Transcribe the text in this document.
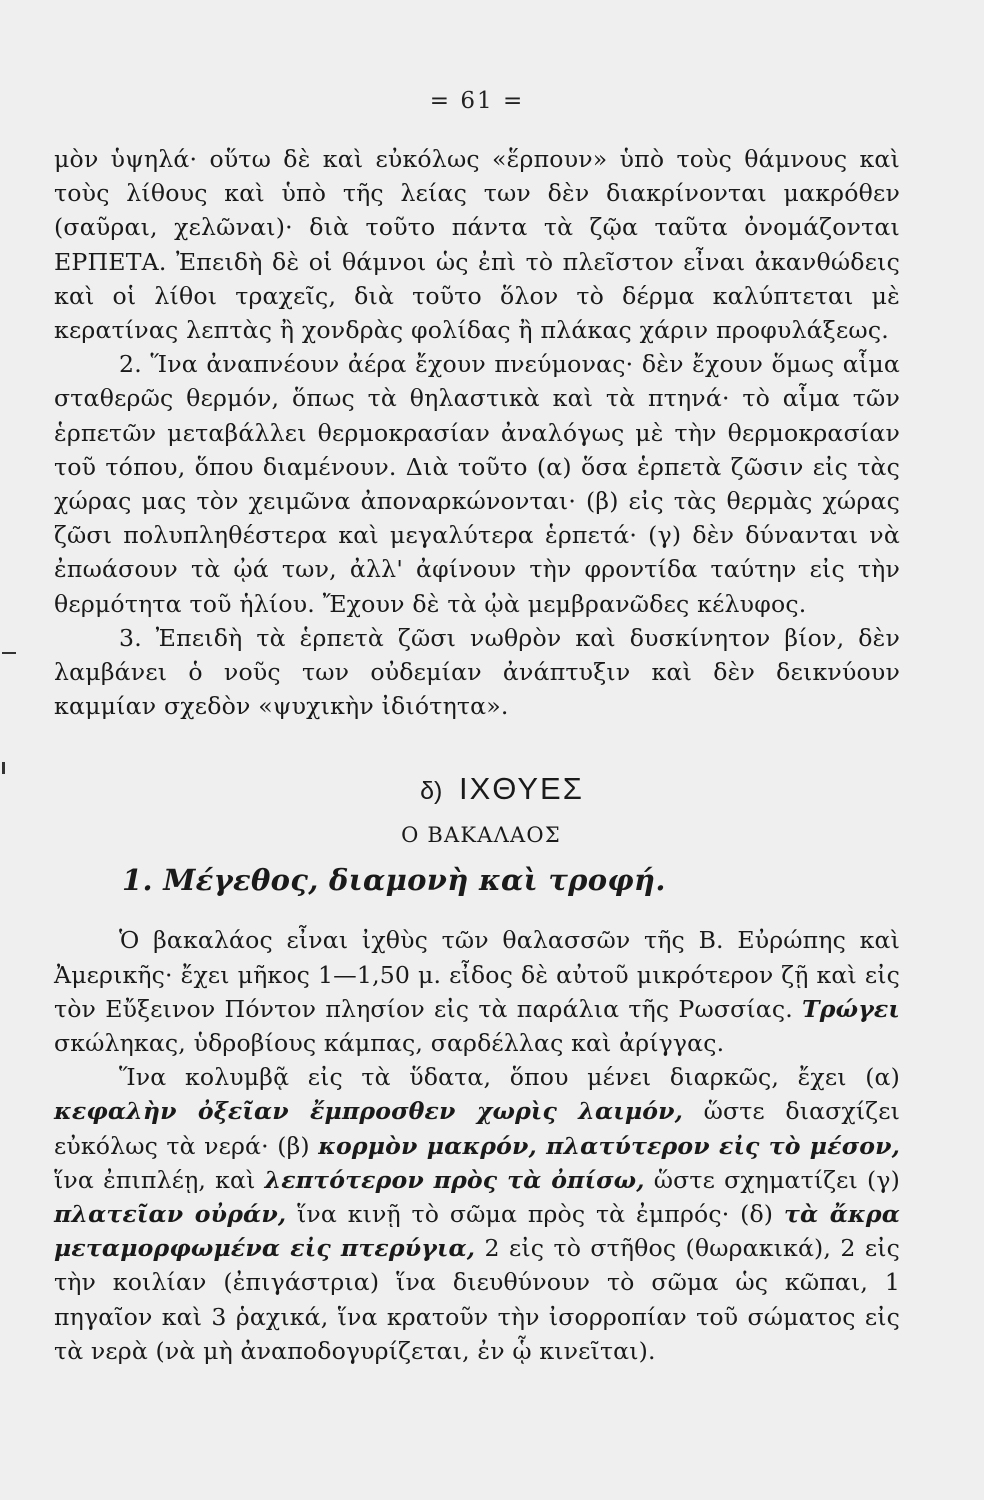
= 61 =

μὸν ὑψηλά· οὕτω δὲ καὶ εὐκόλως «ἕρπουν» ὑπὸ τοὺς θάμνους καὶ τοὺς λίθους καὶ ὑπὸ τῆς λείας των δὲν διακρίνονται μακρόθεν (σαῦραι, χελῶναι)· διὰ τοῦτο πάντα τὰ ζῷα ταῦτα ὀνομάζονται ΕΡΠΕΤΑ. Ἐπειδὴ δὲ οἱ θάμνοι ὡς ἐπὶ τὸ πλεῖστον εἶναι ἀκανθώδεις καὶ οἱ λίθοι τραχεῖς, διὰ τοῦτο ὅλον τὸ δέρμα καλύπτεται μὲ κερατίνας λεπτὰς ἢ χονδρὰς φολίδας ἢ πλάκας χάριν προφυλάξεως.

2. Ἵνα ἀναπνέουν ἀέρα ἔχουν πνεύμονας· δὲν ἔχουν ὅμως αἷμα σταθερῶς θερμόν, ὅπως τὰ θηλαστικὰ καὶ τὰ πτηνά· τὸ αἷμα τῶν ἑρπετῶν μεταβάλλει θερμοκρασίαν ἀναλόγως μὲ τὴν θερμοκρασίαν τοῦ τόπου, ὅπου διαμένουν. Διὰ τοῦτο (α) ὅσα ἑρπετὰ ζῶσιν εἰς τὰς χώρας μας τὸν χειμῶνα ἀποναρκώνονται· (β) εἰς τὰς θερμὰς χώρας ζῶσι πολυπληθέστερα καὶ μεγαλύτερα ἑρπετά· (γ) δὲν δύνανται νὰ ἐπωάσουν τὰ ᾠά των, ἀλλ' ἀφίνουν τὴν φροντίδα ταύτην εἰς τὴν θερμότητα τοῦ ἡλίου. Ἔχουν δὲ τὰ ᾠὰ μεμβρανῶδες κέλυφος.

3. Ἐπειδὴ τὰ ἑρπετὰ ζῶσι νωθρὸν καὶ δυσκίνητον βίον, δὲν λαμβάνει ὁ νοῦς των οὐδεμίαν ἀνάπτυξιν καὶ δὲν δεικνύουν καμμίαν σχεδὸν «ψυχικὴν ἰδιότητα».

δ) ΙΧΘΥΕΣ
Ο ΒΑΚΑΛΑΟΣ
1. Μέγεθος, διαμονὴ καὶ τροφή.

Ὁ βακαλάος εἶναι ἰχθὺς τῶν θαλασσῶν τῆς Β. Εὐρώπης καὶ Ἀμερικῆς· ἔχει μῆκος 1—1,50 μ. εἶδος δὲ αὐτοῦ μικρότερον ζῇ καὶ εἰς τὸν Εὔξεινον Πόντον πλησίον εἰς τὰ παράλια τῆς Ρωσσίας. Τρώγει σκώληκας, ὑδροβίους κάμπας, σαρδέλλας καὶ ἀρίγγας.

Ἵνα κολυμβᾷ εἰς τὰ ὕδατα, ὅπου μένει διαρκῶς, ἔχει (α) κεφαλὴν ὀξεῖαν ἔμπροσθεν χωρὶς λαιμόν, ὥστε διασχίζει εὐκόλως τὰ νερά· (β) κορμὸν μακρόν, πλατύτερον εἰς τὸ μέσον, ἵνα ἐπιπλέῃ, καὶ λεπτότερον πρὸς τὰ ὀπίσω, ὥστε σχηματίζει (γ) πλατεῖαν οὐράν, ἵνα κινῇ τὸ σῶμα πρὸς τὰ ἐμπρός· (δ) τὰ ἄκρα μεταμορφωμένα εἰς πτερύγια, 2 εἰς τὸ στῆθος (θωρακικά), 2 εἰς τὴν κοιλίαν (ἐπιγάστρια) ἵνα διευθύνουν τὸ σῶμα ὡς κῶπαι, 1 πηγαῖον καὶ 3 ῥαχικά, ἵνα κρατοῦν τὴν ἰσορροπίαν τοῦ σώματος εἰς τὰ νερὰ (νὰ μὴ ἀναποδογυρίζεται, ἐν ᾧ κινεῖται).
